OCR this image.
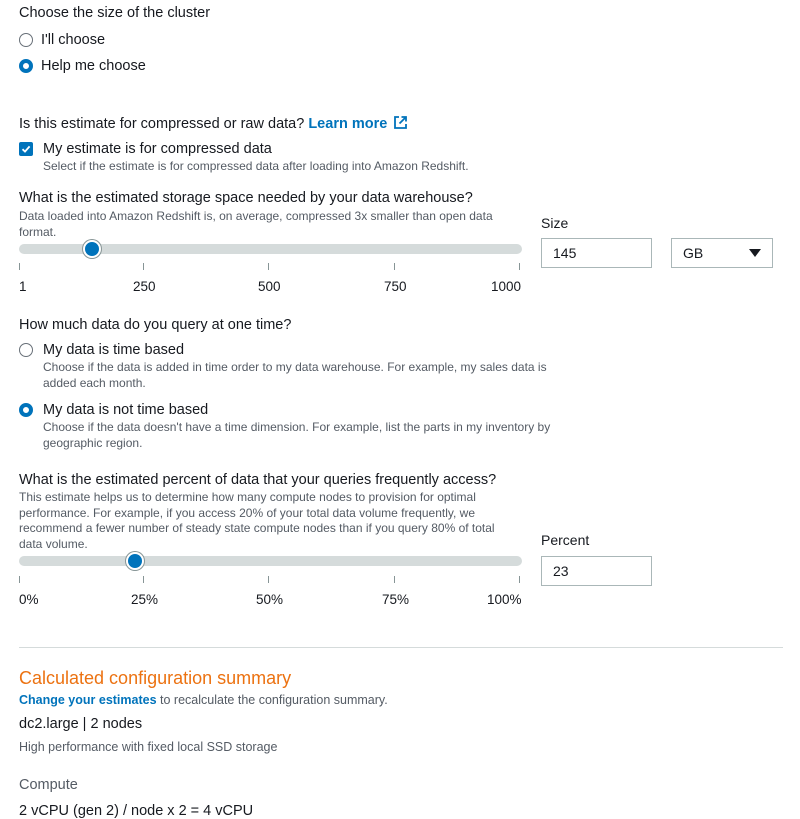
Choose the size of the cluster
I'll choose
Help me choose
Is this estimate for compressed or raw data? Learn more
My estimate is for compressed data
Select if the estimate is for compressed data after loading into Amazon Redshift.
What is the estimated storage space needed by your data warehouse?
Data loaded into Amazon Redshift is, on average, compressed 3x smaller than open data format.
1	250	500	750	1000
Size
145	GB
How much data do you query at one time?
My data is time based
Choose if the data is added in time order to my data warehouse. For example, my sales data is added each month.
My data is not time based
Choose if the data doesn't have a time dimension. For example, list the parts in my inventory by geographic region.
What is the estimated percent of data that your queries frequently access?
This estimate helps us to determine how many compute nodes to provision for optimal performance. For example, if you access 20% of your total data volume frequently, we recommend a fewer number of steady state compute nodes than if you query 80% of total data volume.
0%	25%	50%	75%	100%
Percent
23
Calculated configuration summary
Change your estimates to recalculate the configuration summary.
dc2.large | 2 nodes
High performance with fixed local SSD storage
Compute
2 vCPU (gen 2) / node x 2 = 4 vCPU
